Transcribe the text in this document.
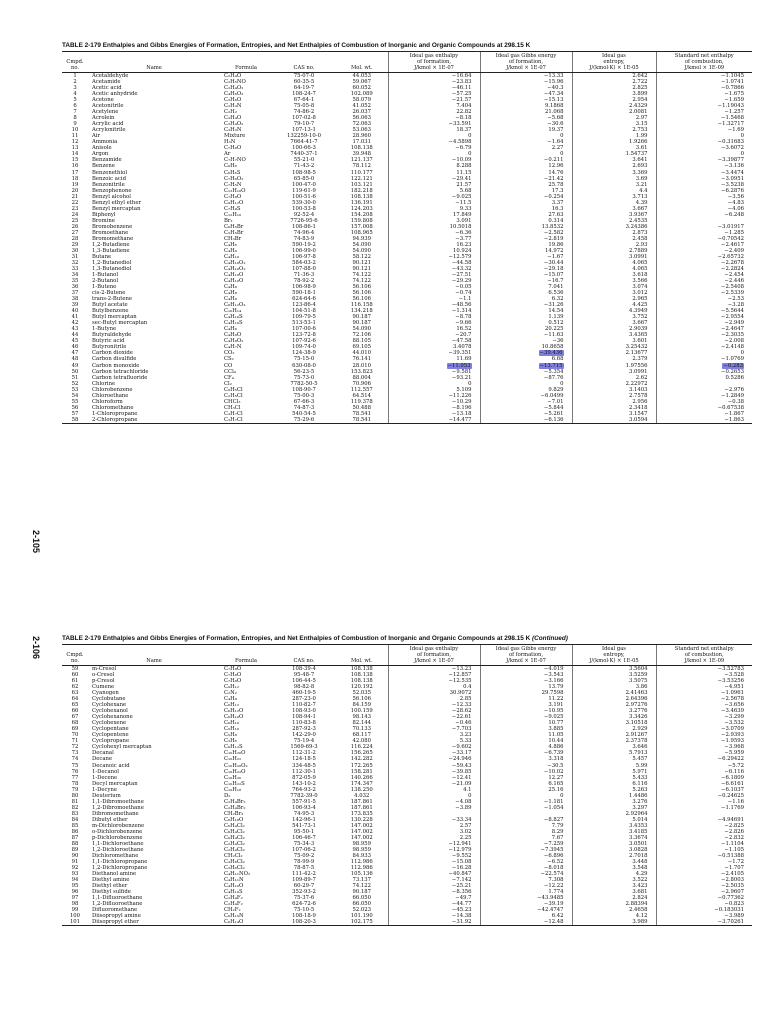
2-105
TABLE 2-179 Enthalpies and Gibbs Energies of Formation, Entropies, and Net Enthalpies of Combustion of Inorganic and Organic Compounds at 298.15 K
Cmpd.
no.	Name	Formula	CAS no.	Mol. wt.	Ideal gas enthalpy
of formation,
J/kmol × 1E-07	Ideal gas Gibbs energy
of formation,
J/kmol × 1E-07	Ideal gas
entropy,
J/(kmol·K) × 1E-05	Standard net enthalpy
of combustion,
J/kmol × 1E-09
1	Acetaldehyde	C₂H₄O	75-07-0	44.053	−16.64	−13.33	2.642	−1.1045
2	Acetamide	C₂H₅NO	60-35-5	59.067	−23.83	−15.96	2.722	−1.0741
3	Acetic acid	C₂H₄O₂	64-19-7	60.052	−46.11	−40.3	2.825	−0.7866
4	Acetic anhydride	C₄H₆O₃	108-24-7	102.089	−57.25	−47.34	3.899	−1.675
5	Acetone	C₃H₆O	67-64-1	58.079	−21.57	−15.13	2.954	−1.659
6	Acetonitrile	C₂H₃N	75-05-8	41.052	7.404	9.1868	2.4329	−1.19043
7	Acetylene	C₂H₂	74-86-2	26.037	22.82	21.068	2.0081	−1.257
8	Acrolein	C₃H₄O	107-02-8	56.063	−8.18	−5.68	2.97	−1.5468
9	Acrylic acid	C₃H₄O₂	79-10-7	72.063	−33.591	−30.6	3.15	−1.32717
10	Acrylonitrile	C₃H₃N	107-13-1	53.063	18.37	19.37	2.753	−1.69
11	Air	Mixture	132259-10-0	28.960	0	0	1.99	0
12	Ammonia	H₃N	7664-41-7	17.031	−4.5898	−1.64	1.9266	−0.31683
13	Anisole	C₇H₈O	100-66-3	108.138	−6.79	2.27	3.61	−3.6072
14	Argon	Ar	7440-37-1	39.948	0	0	1.54737	0
15	Benzamide	C₇H₇NO	55-21-0	121.137	−10.09	−0.211	3.641	−3.39877
16	Benzene	C₆H₆	71-43-2	78.112	8.288	12.96	2.693	−3.136
17	Benzenethiol	C₆H₆S	108-98-5	110.177	11.15	14.76	3.369	−3.4474
18	Benzoic acid	C₇H₆O₂	65-85-0	122.121	−29.41	−21.42	3.69	−3.0951
19	Benzonitrile	C₇H₅N	100-47-0	103.121	21.57	25.78	3.21	−3.5238
20	Benzophenone	C₁₃H₁₀O	119-61-9	182.218	5.68	17.3	4.4	−6.2876
21	Benzyl alcohol	C₇H₈O	100-51-6	108.138	−9.025	−0.254	3.713	−3.56
22	Benzyl ethyl ether	C₉H₁₂O	539-30-0	136.191	−11.5	3.37	4.39	−4.83
23	Benzyl mercaptan	C₇H₈S	100-53-8	124.203	9.33	16.3	3.667	−4.06
24	Biphenyl	C₁₂H₁₀	92-52-4	154.208	17.849	27.63	3.9367	−6.248
25	Bromine	Br₂	7726-95-6	159.808	3.091	0.314	2.4535	
26	Bromobenzene	C₆H₅Br	108-86-1	157.008	10.5018	13.8532	3.24386	−3.01917
27	Bromoethane	C₂H₅Br	74-96-4	108.965	−6.36	−2.582	2.873	−1.285
28	Bromomethane	CH₃Br	74-83-9	94.939	−3.77	−2.819	2.458	−0.70542
29	1,2-Butadiene	C₄H₆	590-19-2	54.090	16.23	19.86	2.93	−2.4617
30	1,3-Butadiene	C₄H₆	106-99-0	54.090	10.924	14.972	2.7889	−2.409
31	Butane	C₄H₁₀	106-97-8	58.122	−12.579	−1.67	3.0991	−2.65732
32	1,2-Butanediol	C₄H₁₀O₂	584-03-2	90.121	−44.58	−30.44	4.065	−2.2678
33	1,3-Butanediol	C₄H₁₀O₂	107-88-0	90.121	−43.32	−29.18	4.065	−2.2824
34	1-Butanol	C₄H₁₀O	71-36-3	74.122	−27.51	−15.07	3.618	−2.454
35	2-Butanol	C₄H₁₀O	78-92-2	74.122	−29.29	−16.7	3.566	−2.446
36	1-Butene	C₄H₈	106-98-9	56.106	−0.05	7.041	3.074	−2.5408
37	cis-2-Butene	C₄H₈	590-18-1	56.106	−0.74	6.536	3.012	−2.5339
38	trans-2-Butene	C₄H₈	624-64-6	56.106	−1.1	6.32	2.965	−2.53
39	Butyl acetate	C₆H₁₂O₂	123-86-4	116.158	−48.56	−31.26	4.425	−3.28
40	Butylbenzene	C₁₀H₁₄	104-51-8	134.218	−1.314	14.54	4.3949	−5.5644
41	Butyl mercaptan	C₄H₁₀S	109-79-5	90.187	−8.78	1.139	3.752	−2.9554
42	sec-Butyl mercaptan	C₄H₁₀S	513-53-1	90.187	−9.66	0.512	3.667	−2.949
43	1-Butyne	C₄H₆	107-00-6	54.090	16.52	20.225	2.9039	−2.4647
44	Butyraldehyde	C₄H₈O	123-72-8	72.106	−20.7	−11.63	3.4365	−2.3035
45	Butyric acid	C₄H₈O₂	107-92-6	88.105	−47.58	−36	3.601	−2.008
46	Butyronitrile	C₄H₇N	109-74-0	69.105	3.4078	10.8658	3.25432	−2.4148
47	Carbon dioxide	CO₂	124-38-9	44.010	−39.351	−39.436	2.13677	0
48	Carbon disulfide	CS₂	75-15-0	76.141	11.69	6.68	2.379	−1.0769
49	Carbon monoxide	CO	630-08-0	28.010	−11.053	−13.715	1.97556	−0.283
50	Carbon tetrachloride	CCl₄	56-23-5	153.823	−9.581	−5.354	3.0991	−0.2653
51	Carbon tetrafluoride	CF₄	75-73-0	88.004	−93.21	−87.76	2.62	0.5286
52	Chlorine	Cl₂	7782-50-5	70.906	0	0	2.22972	
53	Chlorobenzene	C₆H₅Cl	108-90-7	112.557	5.109	9.829	3.1403	−2.976
54	Chloroethane	C₂H₅Cl	75-00-3	64.514	−11.226	−6.0499	2.7578	−1.2849
55	Chloroform	CHCl₃	67-66-3	119.378	−10.29	−7.01	2.956	−0.38
56	Chloromethane	CH₃Cl	74-87-3	50.488	−8.196	−5.844	2.3418	−0.67538
57	1-Chloropropane	C₃H₇Cl	540-54-5	78.541	−13.18	−5.261	3.1547	−1.867
58	2-Chloropropane	C₃H₇Cl	75-29-6	78.541	−14.477	−6.136	3.0594	−1.863
2-106	TABLE 2-179 Enthalpies and Gibbs Energies of Formation, Entropies, and Net Enthalpies of Combustion of Inorganic and Organic Compounds at 298.15 K (Continued)
Cmpd.
no.	Name	Formula	CAS no.	Mol. wt.	Ideal gas enthalpy
of formation,
J/kmol × 1E-07	Ideal gas Gibbs energy
of formation,
J/kmol × 1E-07	Ideal gas
entropy,
J/(kmol·K) × 1E-05	Standard net enthalpy
of combustion,
J/kmol × 1E-09
59	m-Cresol	C₇H₈O	108-39-4	108.138	−13.23	−4.019	3.5604	−3.52783
60	o-Cresol	C₇H₈O	95-48-7	108.138	−12.857	−3.543	3.5259	−3.528
61	p-Cresol	C₇H₈O	106-44-5	108.138	−12.535	−3.166	3.5075	−3.53256
62	Cumene	C₉H₁₂	98-82-8	120.192	0.4	13.79	3.86	−4.951
63	Cyanogen	C₂N₂	460-19-5	52.035	30.9072	29.7598	2.41463	−1.0961
64	Cyclobutane	C₄H₈	287-23-0	56.106	2.85	11.22	2.64396	−2.5678
65	Cyclohexane	C₆H₁₂	110-82-7	84.159	−12.33	3.191	2.97276	−3.656
66	Cyclohexanol	C₆H₁₂O	108-93-0	100.159	−28.62	−10.95	3.2776	−3.4639
67	Cyclohexanone	C₆H₁₀O	108-94-1	98.143	−22.61	−9.025	3.3426	−3.299
68	Cyclohexene	C₆H₁₀	110-83-8	82.144	−0.46	10.77	3.10518	−3.532
69	Cyclopentane	C₅H₁₀	287-92-3	70.133	−7.703	3.885	2.929	−3.0709
70	Cyclopentene	C₅H₈	142-29-0	68.117	3.23	11.05	2.91267	−2.9393
71	Cyclopropane	C₃H₆	75-19-4	42.080	5.33	10.44	2.37378	−1.9593
72	Cyclohexyl mercaptan	C₆H₁₂S	1569-69-3	116.224	−9.602	4.886	3.646	−3.968
73	Decanal	C₁₀H₂₀O	112-31-2	156.265	−33.17	−6.739	5.7913	−5.959
74	Decane	C₁₀H₂₂	124-18-5	142.282	−24.946	3.318	5.457	−6.29422
75	Decanoic acid	C₁₀H₂₀O₂	334-48-5	172.265	−59.43	−30.5	5.99	−5.72
76	1-Decanol	C₁₀H₂₂O	112-30-1	158.281	−39.85	−10.02	5.971	−6.116
77	1-Decene	C₁₀H₂₀	872-05-9	140.266	−12.41	12.27	5.433	−6.1809
78	Decyl mercaptan	C₁₀H₂₂S	143-10-2	174.347	−21.09	6.165	6.116	−6.6161
79	1-Decyne	C₁₀H₁₈	764-93-2	138.250	4.1	25.16	5.263	−6.1037
80	Deuterium	D₂	7782-39-0	4.032	0	0	1.4486	−0.24625
81	1,1-Dibromoethane	C₂H₄Br₂	557-91-5	187.861	−4.08	−1.181	3.276	−1.16
82	1,2-Dibromoethane	C₂H₄Br₂	106-93-4	187.861	−3.89	−1.054	3.297	−1.1769
83	Dibromomethane	CH₂Br₂	74-95-3	173.835			2.92964	
84	Dibutyl ether	C₈H₁₈O	142-96-1	130.228	−33.34	−8.827	5.014	−4.94691
85	m-Dichlorobenzene	C₆H₄Cl₂	541-73-1	147.002	2.57	7.79	3.4353	−2.825
86	o-Dichlorobenzene	C₆H₄Cl₂	95-50-1	147.002	3.02	8.29	3.4185	−2.826
87	p-Dichlorobenzene	C₆H₄Cl₂	106-46-7	147.002	2.25	7.67	3.3674	−2.832
88	1,1-Dichloroethane	C₂H₄Cl₂	75-34-3	98.959	−12.941	−7.259	3.0501	−1.1104
89	1,2-Dichloroethane	C₂H₄Cl₂	107-06-2	98.959	−12.979	−7.3945	3.0828	−1.105
90	Dichloromethane	CH₂Cl₂	75-09-2	84.933	−9.552	−6.896	2.7018	−0.51388
91	1,1-Dichloropropane	C₃H₆Cl₂	78-99-9	112.986	−15.08	−6.52	3.448	−1.72
92	1,2-Dichloropropane	C₃H₆Cl₂	78-87-5	112.986	−16.28	−8.018	3.548	−1.707
93	Diethanol amine	C₄H₁₁NO₂	111-42-2	105.136	−40.847	−22.574	4.29	−2.4105
94	Diethyl amine	C₄H₁₁N	109-89-7	73.137	−7.142	7.308	3.522	−2.8003
95	Diethyl ether	C₄H₁₀O	60-29-7	74.122	−25.21	−12.22	3.423	−2.5035
96	Diethyl sulfide	C₄H₁₀S	352-93-2	90.187	−8.356	1.774	3.681	−2.9607
97	1,1-Difluoroethane	C₂H₄F₂	75-37-6	66.050	−49.7	−43.9485	2.824	−0.77362
98	1,2-Difluoroethane	C₂H₄F₂	624-72-6	66.050	−44.77	−39.19	2.88394	−0.823
99	Difluoromethane	CH₂F₂	75-10-5	52.023	−45.23	−42.4747	2.4658	−0.183031
100	Diisopropyl amine	C₆H₁₅N	108-18-9	101.190	−14.38	6.42	4.12	−3.989
101	Diisopropyl ether	C₆H₁₄O	108-20-3	102.175	−31.92	−12.48	3.989	−3.70261
